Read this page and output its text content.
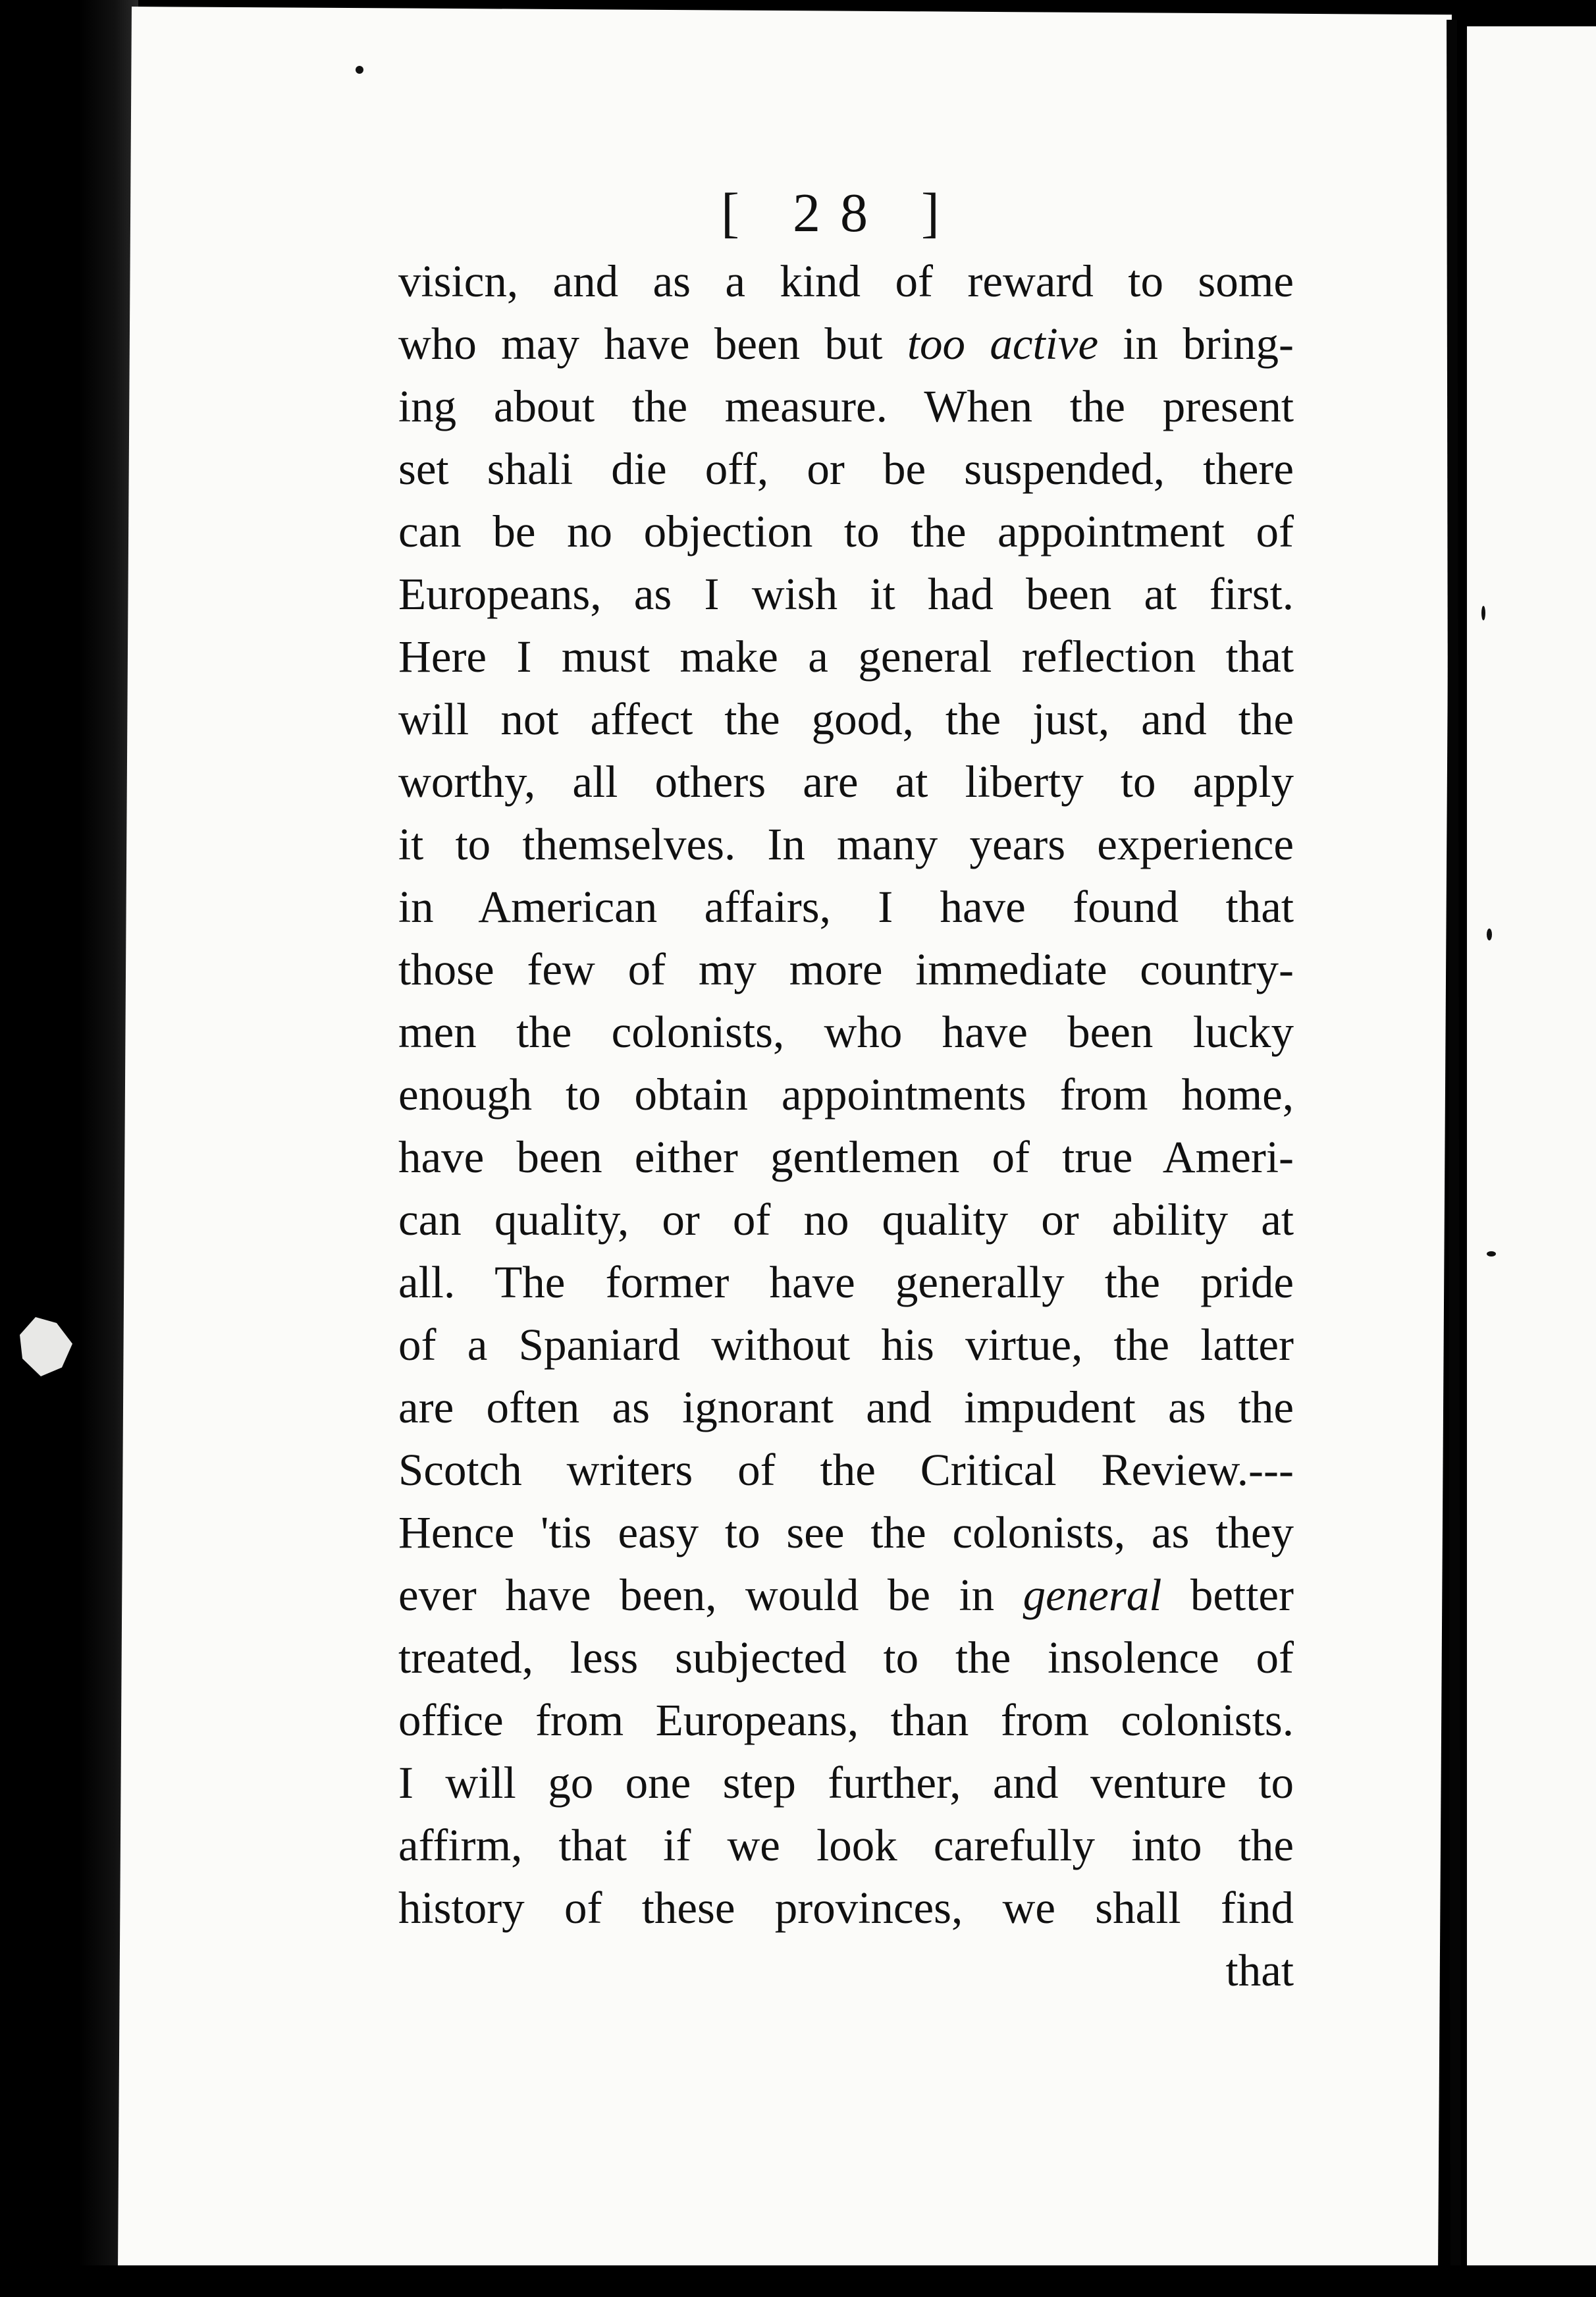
[ 28 ]
visicn, and as a kind of reward to some
who may have been but too active in bring-
ing about the measure. When the present
set shali die off, or be suspended, there
can be no objection to the appointment of
Europeans, as I wish it had been at first.
Here I must make a general reflection that
will not affect the good, the just, and the
worthy, all others are at liberty to apply
it to themselves. In many years experience
in American affairs, I have found that
those few of my more immediate country-
men the colonists, who have been lucky
enough to obtain appointments from home,
have been either gentlemen of true Ameri-
can quality, or of no quality or ability at
all. The former have generally the pride
of a Spaniard without his virtue, the latter
are often as ignorant and impudent as the
Scotch writers of the Critical Review.---
Hence 'tis easy to see the colonists, as they
ever have been, would be in general better
treated, less subjected to the insolence of
office from Europeans, than from colonists.
I will go one step further, and venture to
affirm, that if we look carefully into the
history of these provinces, we shall find
that
